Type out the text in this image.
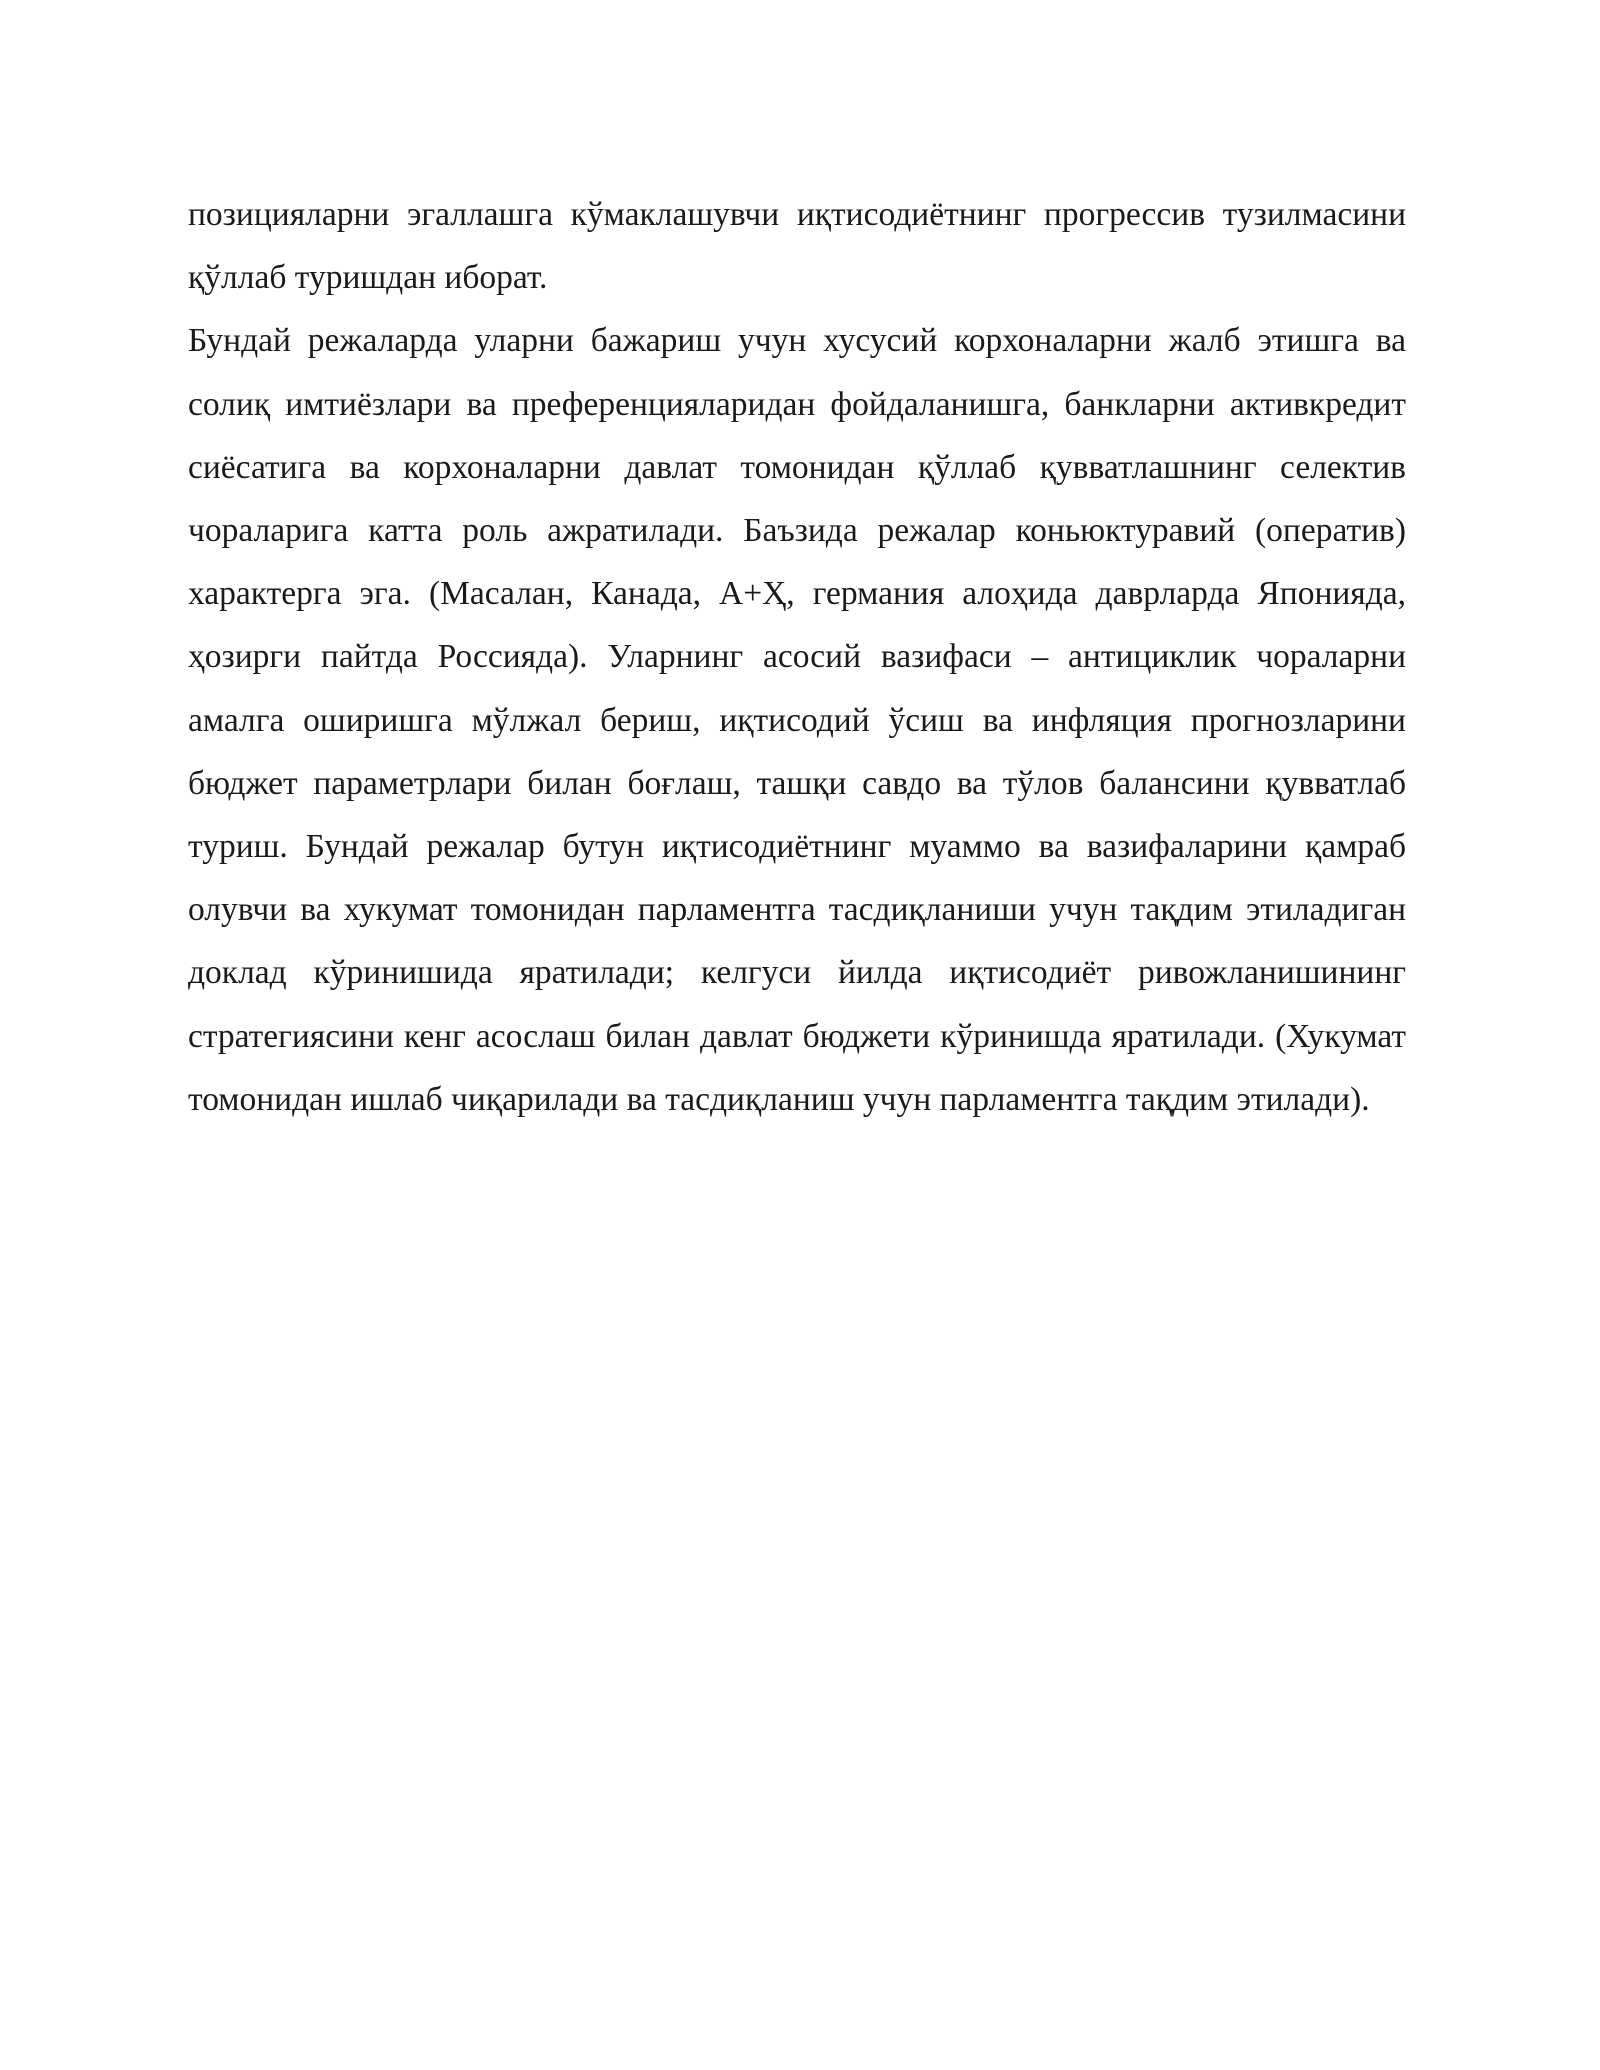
позицияларни эгаллашга кўмаклашувчи иқтисодиётнинг прогрессив тузилмасини қўллаб туришдан иборат.

Бундай режаларда уларни бажариш учун хусусий корхоналарни жалб этишга ва солиқ имтиёзлари ва преференцияларидан фойдаланишга, банкларни активкредит сиёсатига ва корхоналарни давлат томонидан қўллаб қувватлашнинг селектив чораларига катта роль ажратилади. Баъзида режалар коньюктуравий (оператив) характерга эга. (Масалан, Канада, А+Ҳ, германия алоҳида даврларда Японияда, ҳозирги пайтда Россияда). Уларнинг асосий вазифаси – антициклик чораларни амалга оширишга мўлжал бериш, иқтисодий ўсиш ва инфляция прогнозларини бюджет параметрлари билан боғлаш, ташқи савдо ва тўлов балансини қувватлаб туриш. Бундай режалар бутун иқтисодиётнинг муаммо ва вазифаларини қамраб олувчи ва хукумат томонидан парламентга тасдиқланиши учун тақдим этиладиган доклад кўринишида яратилади; келгуси йилда иқтисодиёт ривожланишининг стратегиясини кенг асослаш билан давлат бюджети кўринишда яратилади. (Хукумат томонидан ишлаб чиқарилади ва тасдиқланиш учун парламентга тақдим этилади).
